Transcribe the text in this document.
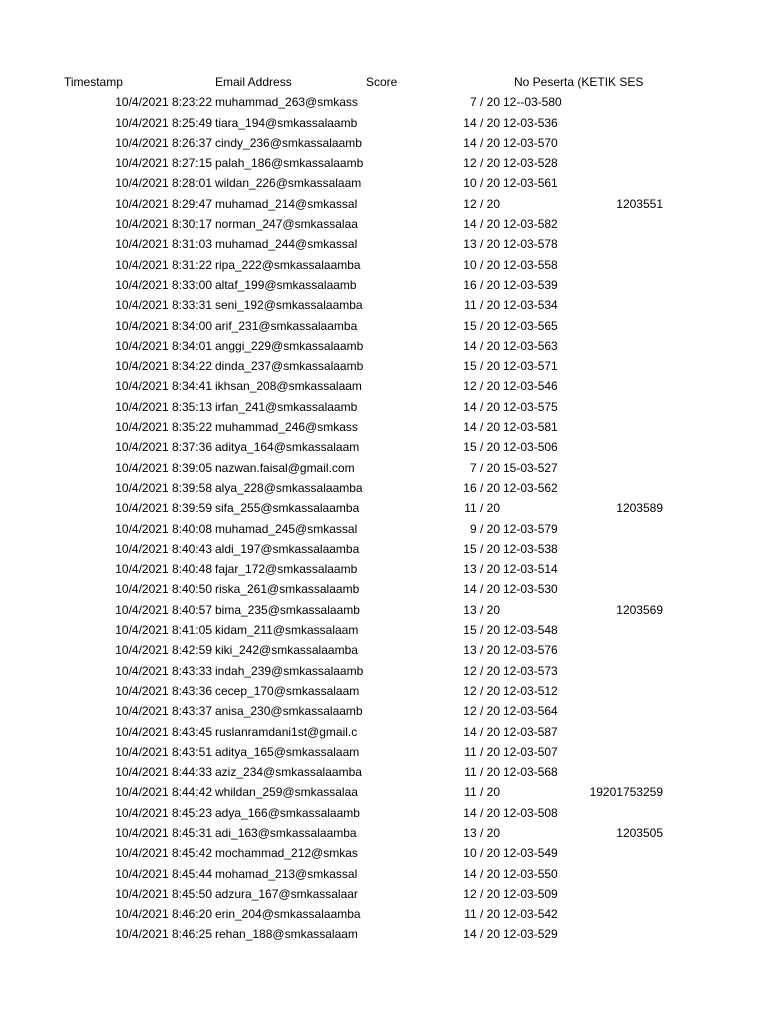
Timestamp	Email Address	Score	No Peserta (KETIK SES
10/4/2021 8:23:22 muhammad_263@smkass	7 / 20 12--03-580
10/4/2021 8:25:49 tiara_194@smkassalaamb	14 / 20 12-03-536
10/4/2021 8:26:37 cindy_236@smkassalaamb	14 / 20 12-03-570
10/4/2021 8:27:15 palah_186@smkassalaamb	12 / 20 12-03-528
10/4/2021 8:28:01 wildan_226@smkassalaam	10 / 20 12-03-561
10/4/2021 8:29:47 muhamad_214@smkassal	12 / 20	1203551
10/4/2021 8:30:17 norman_247@smkassalaa	14 / 20 12-03-582
10/4/2021 8:31:03 muhamad_244@smkassal	13 / 20 12-03-578
10/4/2021 8:31:22 ripa_222@smkassalaamba	10 / 20 12-03-558
10/4/2021 8:33:00 altaf_199@smkassalaamb	16 / 20 12-03-539
10/4/2021 8:33:31 seni_192@smkassalaamba	11 / 20 12-03-534
10/4/2021 8:34:00 arif_231@smkassalaamba	15 / 20 12-03-565
10/4/2021 8:34:01 anggi_229@smkassalaamb	14 / 20 12-03-563
10/4/2021 8:34:22 dinda_237@smkassalaamb	15 / 20 12-03-571
10/4/2021 8:34:41 ikhsan_208@smkassalaam	12 / 20 12-03-546
10/4/2021 8:35:13 irfan_241@smkassalaamb	14 / 20 12-03-575
10/4/2021 8:35:22 muhammad_246@smkass	14 / 20 12-03-581
10/4/2021 8:37:36 aditya_164@smkassalaam	15 / 20 12-03-506
10/4/2021 8:39:05 nazwan.faisal@gmail.com	7 / 20 15-03-527
10/4/2021 8:39:58 alya_228@smkassalaamba	16 / 20 12-03-562
10/4/2021 8:39:59 sifa_255@smkassalaamba	11 / 20	1203589
10/4/2021 8:40:08 muhamad_245@smkassal	9 / 20 12-03-579
10/4/2021 8:40:43 aldi_197@smkassalaamba	15 / 20 12-03-538
10/4/2021 8:40:48 fajar_172@smkassalaamb	13 / 20 12-03-514
10/4/2021 8:40:50 riska_261@smkassalaamb	14 / 20 12-03-530
10/4/2021 8:40:57 bima_235@smkassalaamb	13 / 20	1203569
10/4/2021 8:41:05 kidam_211@smkassalaam	15 / 20 12-03-548
10/4/2021 8:42:59 kiki_242@smkassalaamba	13 / 20 12-03-576
10/4/2021 8:43:33 indah_239@smkassalaamb	12 / 20 12-03-573
10/4/2021 8:43:36 cecep_170@smkassalaam	12 / 20 12-03-512
10/4/2021 8:43:37 anisa_230@smkassalaamb	12 / 20 12-03-564
10/4/2021 8:43:45 ruslanramdani1st@gmail.c	14 / 20 12-03-587
10/4/2021 8:43:51 aditya_165@smkassalaam	11 / 20 12-03-507
10/4/2021 8:44:33 aziz_234@smkassalaamba	11 / 20 12-03-568
10/4/2021 8:44:42 whildan_259@smkassalaa	11 / 20	19201753259
10/4/2021 8:45:23 adya_166@smkassalaamb	14 / 20 12-03-508
10/4/2021 8:45:31 adi_163@smkassalaamba	13 / 20	1203505
10/4/2021 8:45:42 mochammad_212@smkas	10 / 20 12-03-549
10/4/2021 8:45:44 mohamad_213@smkassal	14 / 20 12-03-550
10/4/2021 8:45:50 adzura_167@smkassalaar	12 / 20 12-03-509
10/4/2021 8:46:20 erin_204@smkassalaamba	11 / 20 12-03-542
10/4/2021 8:46:25 rehan_188@smkassalaam	14 / 20 12-03-529
